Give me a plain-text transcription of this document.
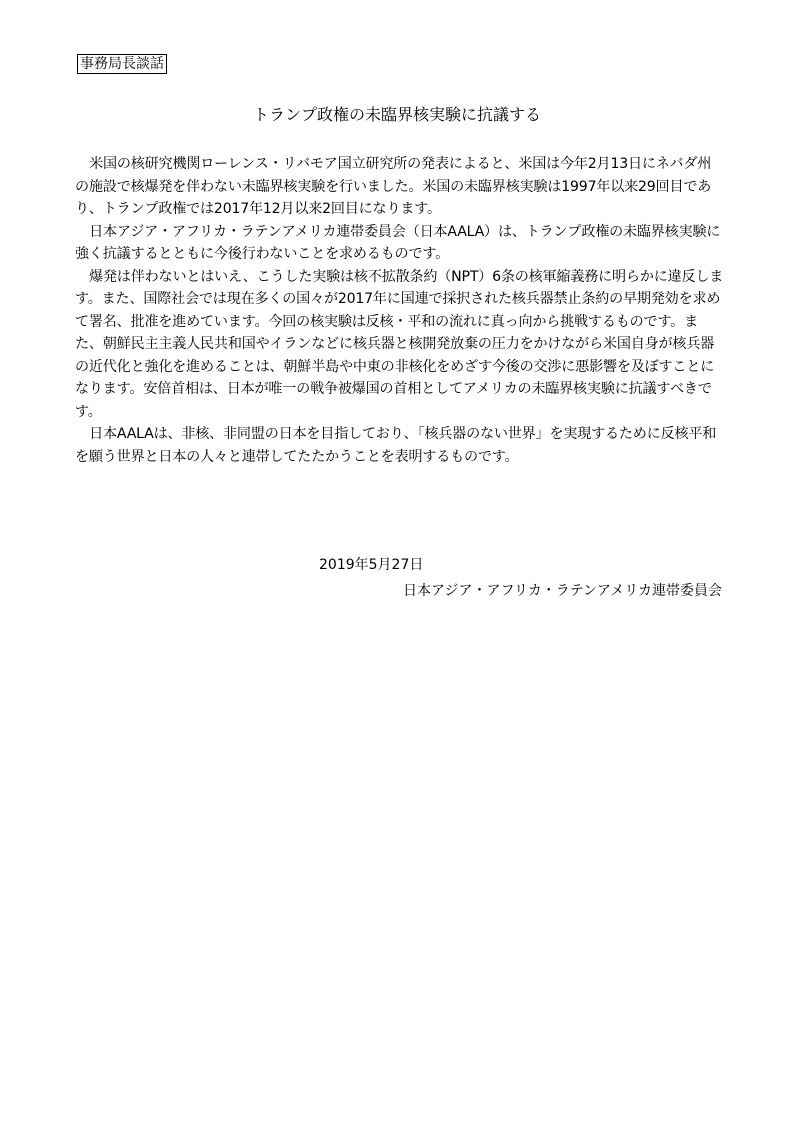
事務局長談話
トランプ政権の未臨界核実験に抗議する

米国の核研究機関ローレンス・リバモア国立研究所の発表によると、米国は今年2月13日にネバダ州の施設で核爆発を伴わない未臨界核実験を行いました。米国の未臨界核実験は1997年以来29回目であり、トランプ政権では2017年12月以来2回目になります。

日本アジア・アフリカ・ラテンアメリカ連帯委員会（日本AALA）は、トランプ政権の未臨界核実験に強く抗議するとともに今後行わないことを求めるものです。

爆発は伴わないとはいえ、こうした実験は核不拡散条約（NPT）6条の核軍縮義務に明らかに違反します。また、国際社会では現在多くの国々が2017年に国連で採択された核兵器禁止条約の早期発効を求めて署名、批准を進めています。今回の核実験は反核・平和の流れに真っ向から挑戦するものです。また、朝鮮民主主義人民共和国やイランなどに核兵器と核開発放棄の圧力をかけながら米国自身が核兵器の近代化と強化を進めることは、朝鮮半島や中東の非核化をめざす今後の交渉に悪影響を及ぼすことになります。安倍首相は、日本が唯一の戦争被爆国の首相としてアメリカの未臨界核実験に抗議すべきです。

日本AALAは、非核、非同盟の日本を目指しており、「核兵器のない世界」を実現するために反核平和を願う世界と日本の人々と連帯してたたかうことを表明するものです。

2019年5月27日
日本アジア・アフリカ・ラテンアメリカ連帯委員会
